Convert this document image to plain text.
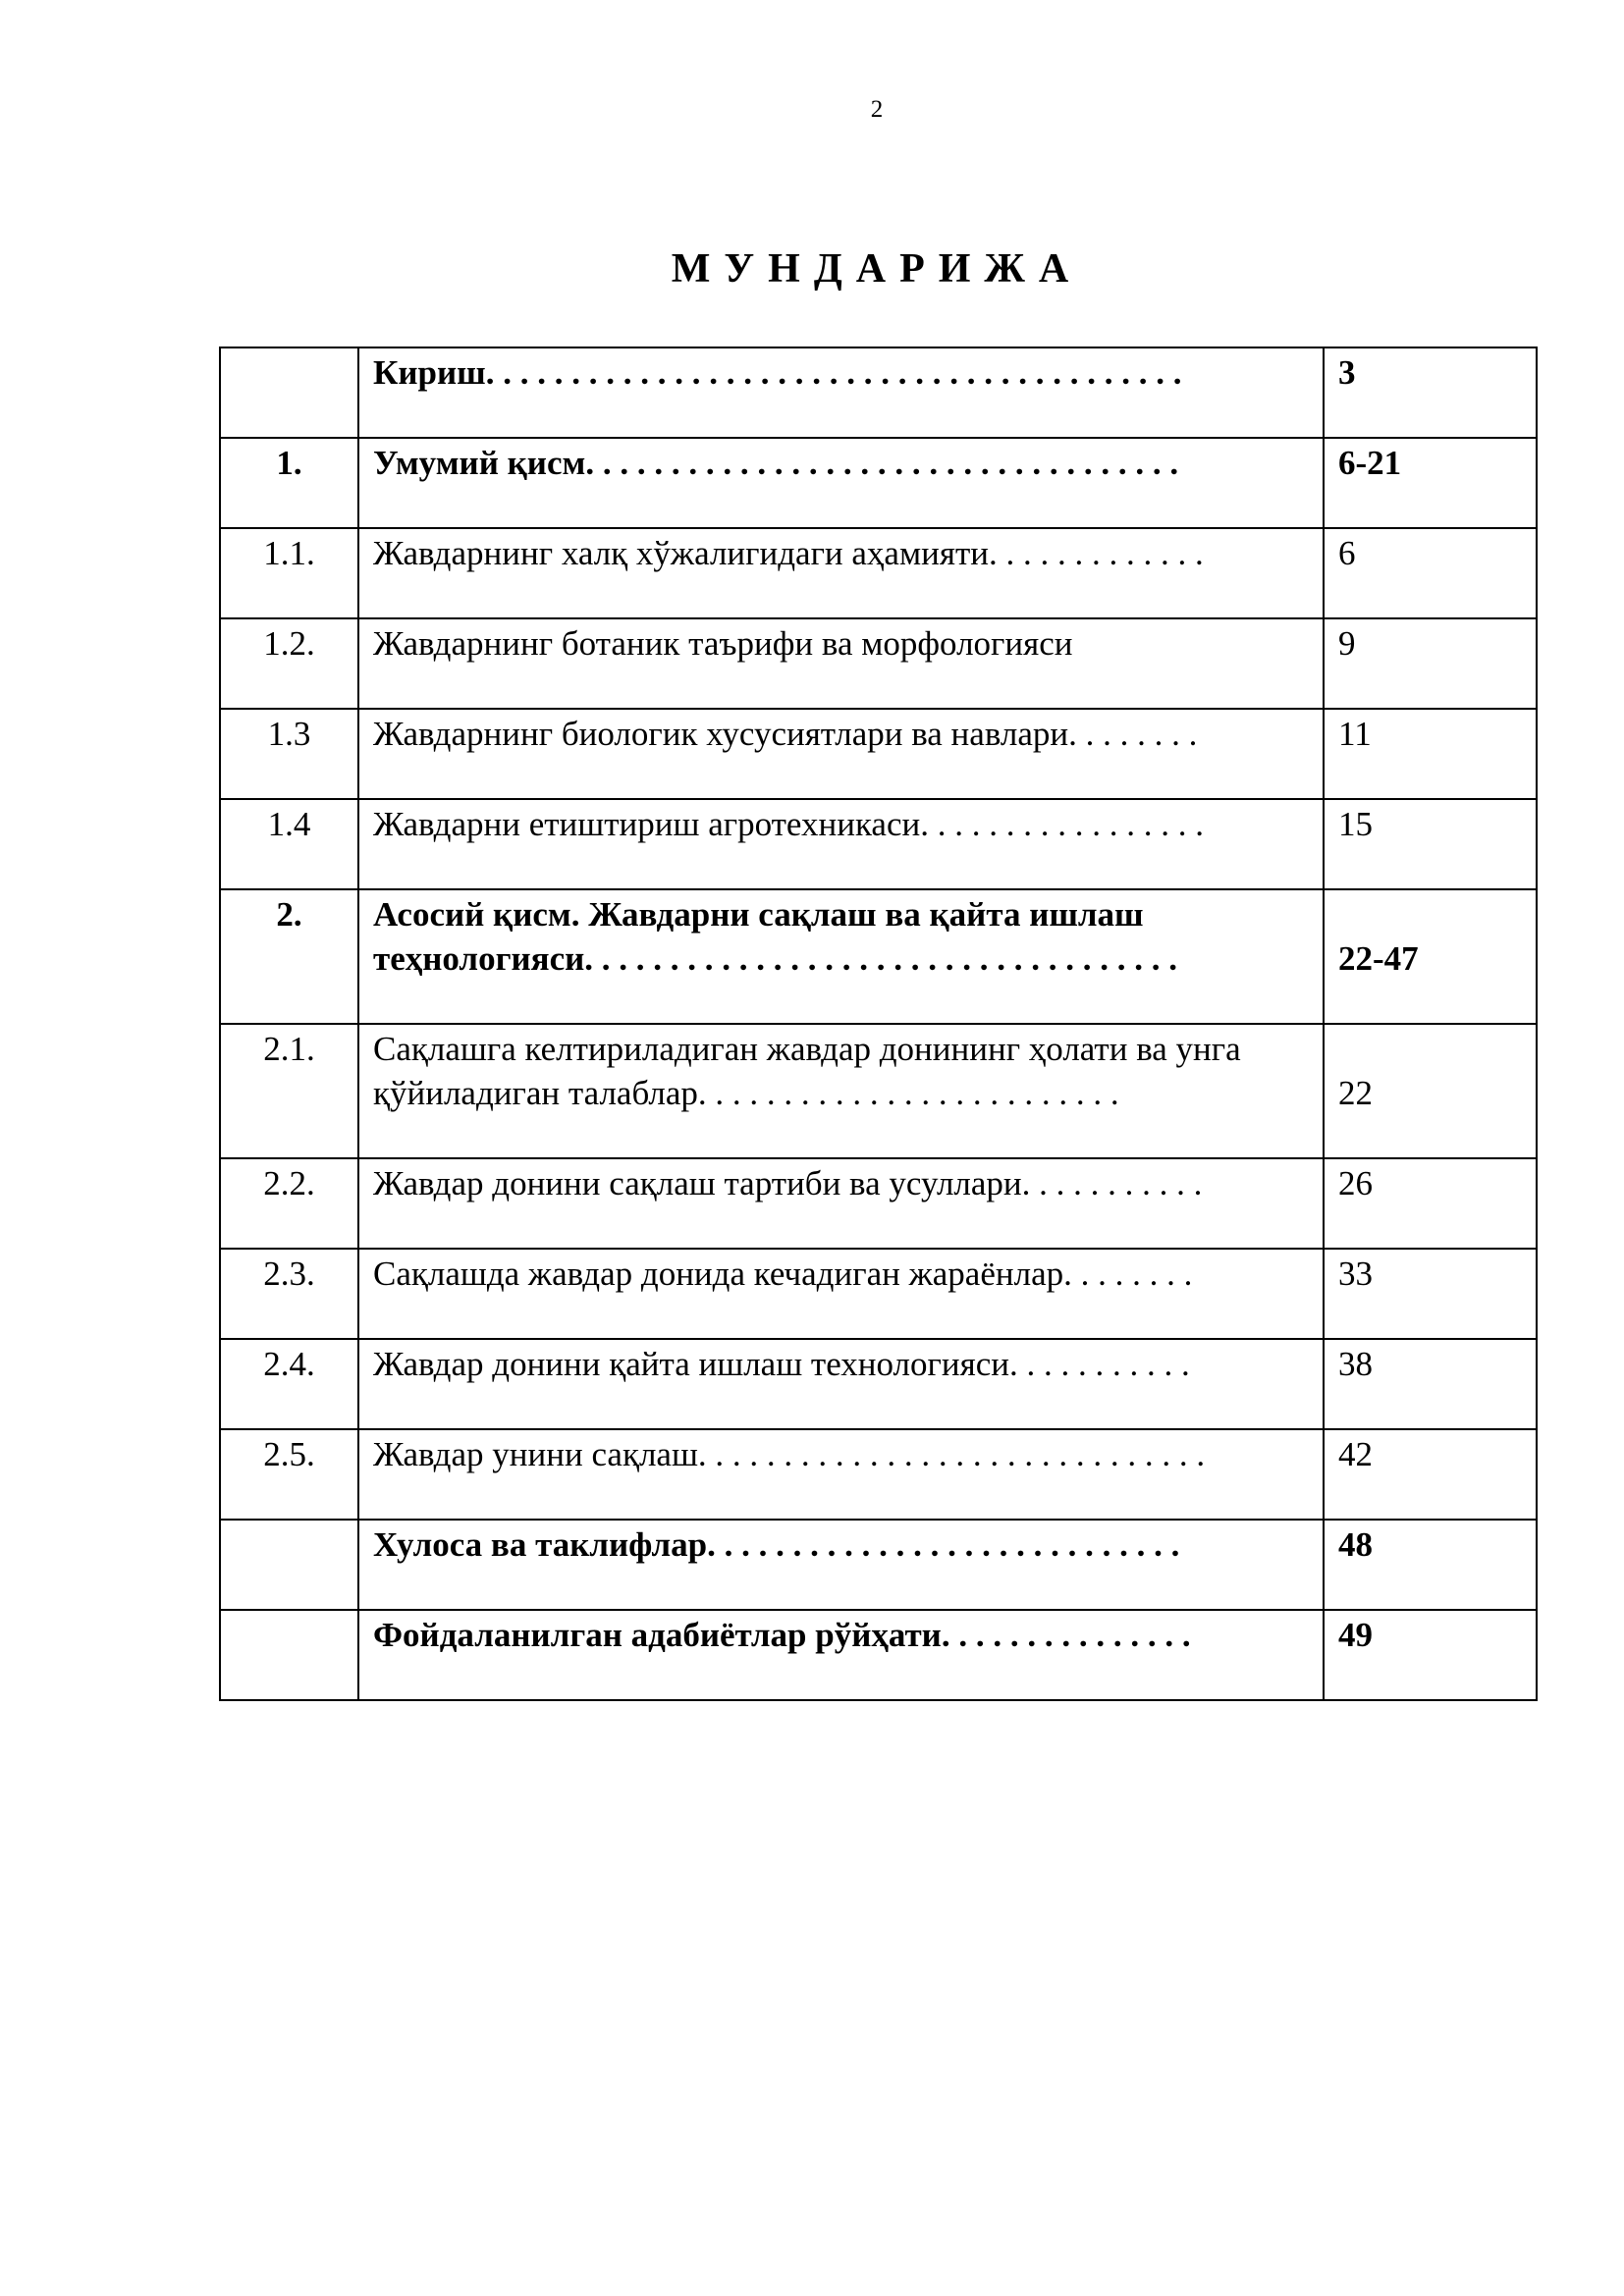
2
МУНДАРИЖА

	Кириш. . . . . . . . . . . . . . . . . . . . . . . . . . . . . . . . . . . . . . . . .	3

1.	Умумий қисм. . . . . . . . . . . . . . . . . . . . . . . . . . . . . . . . . . .	6-21

1.1.	Жавдарнинг халқ хўжалигидаги аҳамияти. . . . . . . . . . . . .	6

1.2.	Жавдарнинг ботаник таърифи ва морфологияси	9

1.3	Жавдарнинг биологик хусусиятлари ва навлари. . . . . . . .	11

1.4	Жавдарни етиштириш агротехникаси. . . . . . . . . . . . . . . . .	15

2.	Асосий қисм. Жавдарни сақлаш ва қайта ишлаш теҳнологияси. . . . . . . . . . . . . . . . . . . . . . . . . . . . . . . . . . .	22-47

2.1.	Сақлашга келтириладиган жавдар донининг ҳолати ва унга қўйиладиган талаблар. . . . . . . . . . . . . . . . . . . . . . . . .	22

2.2.	Жавдар донини сақлаш тартиби ва усуллари. . . . . . . . . . .	26

2.3.	Сақлашда жавдар донида кечадиган жараёнлар. . . . . . . .	33

2.4.	Жавдар донини қайта ишлаш технологияси. . . . . . . . . . .	38

2.5.	Жавдар унини сақлаш. . . . . . . . . . . . . . . . . . . . . . . . . . . . . .	42

	Хулоса ва таклифлар. . . . . . . . . . . . . . . . . . . . . . . . . . . .	48

	Фойдаланилган адабиётлар рўйҳати. . . . . . . . . . . . . . .	49
